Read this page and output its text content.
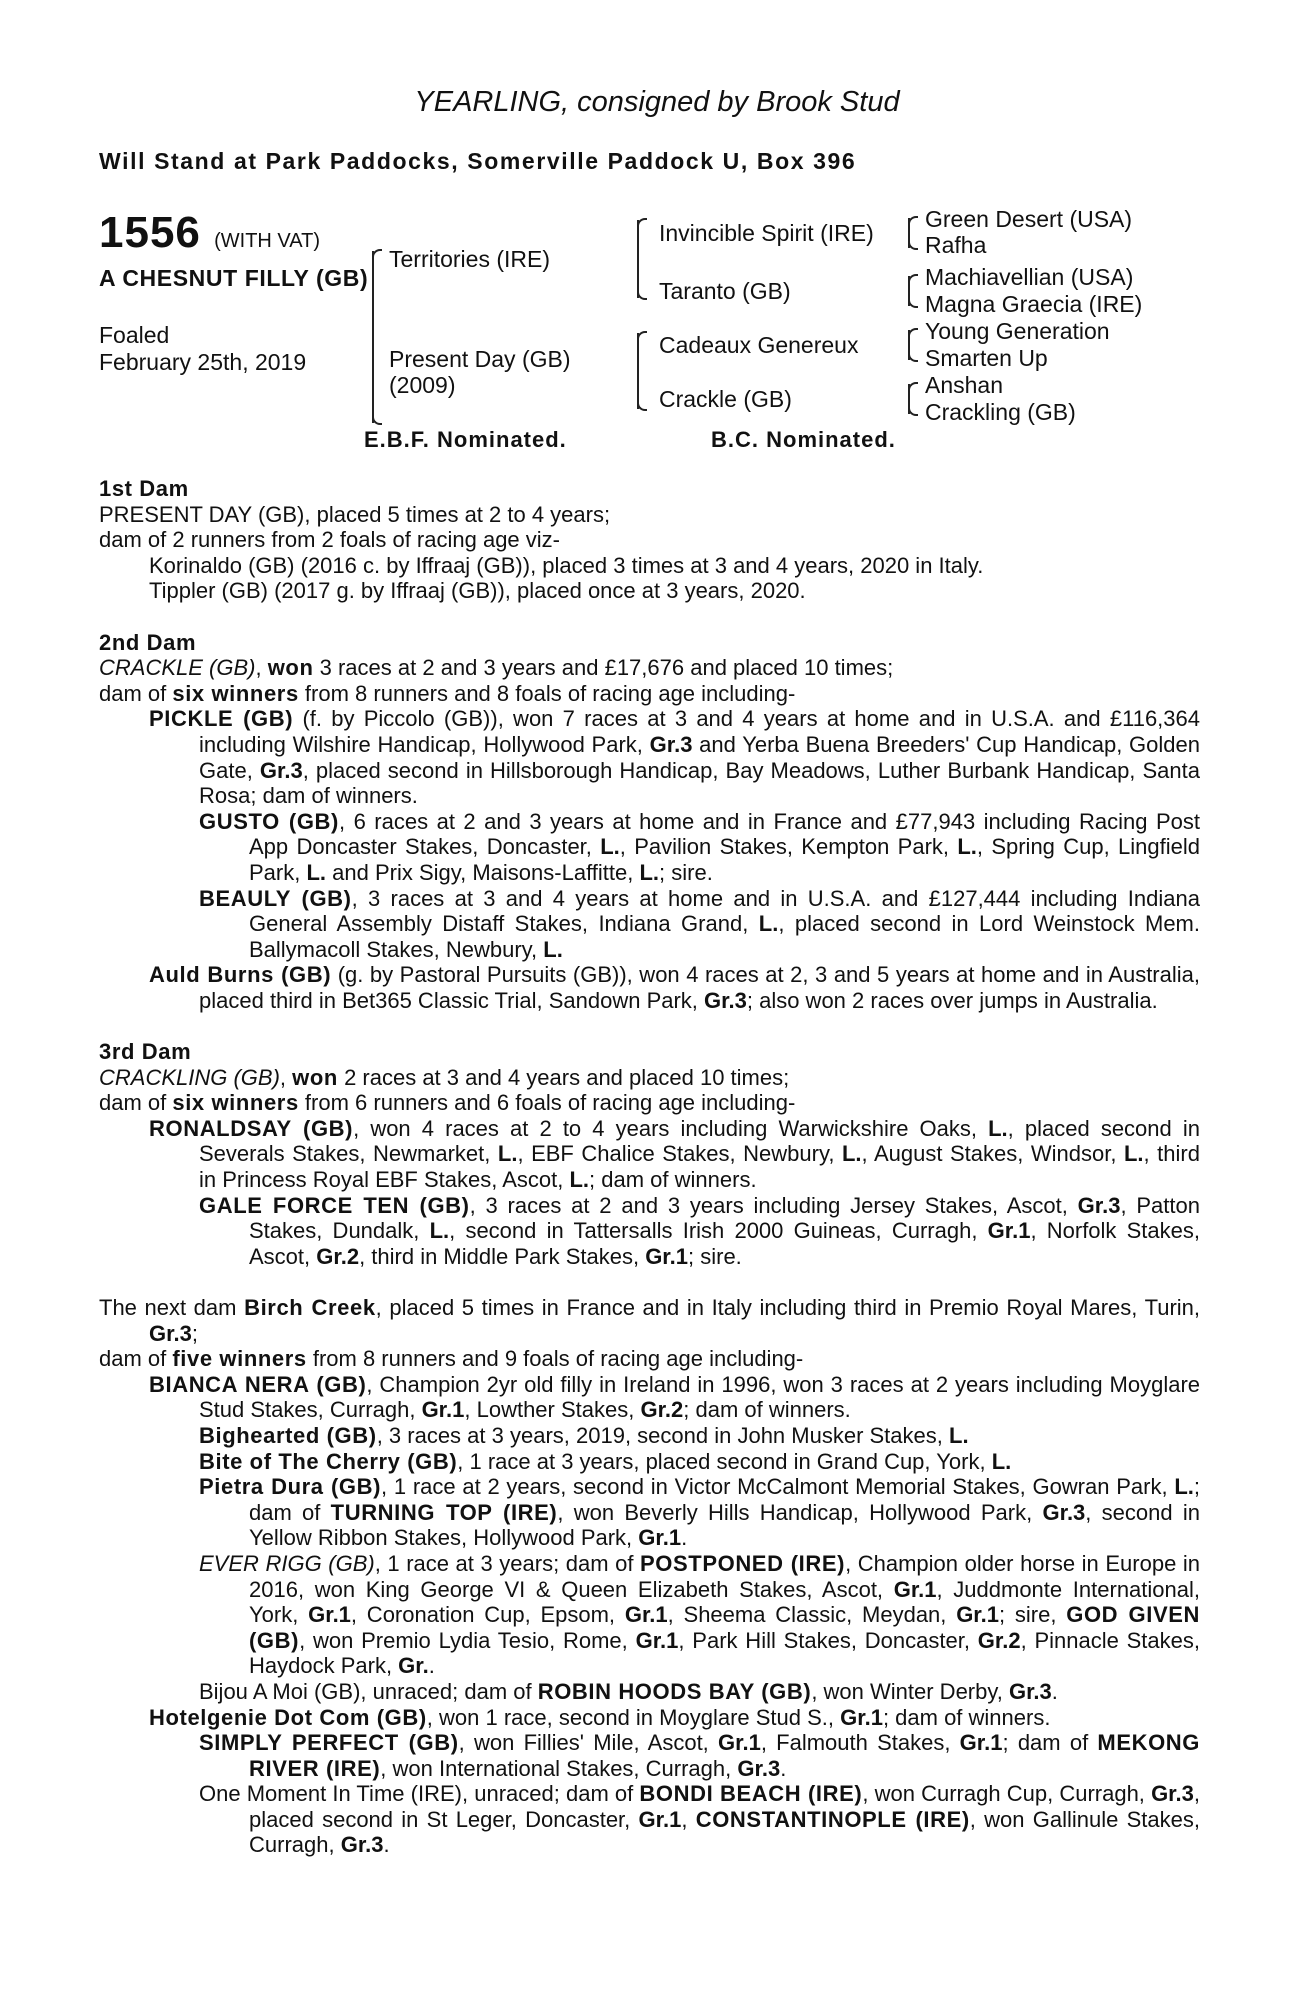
YEARLING, consigned by Brook Stud
Will Stand at Park Paddocks, Somerville Paddock U, Box 396
1556 (WITH VAT)
A CHESNUT FILLY (GB)
Foaled
February 25th, 2019
Territories (IRE)
Present Day (GB)
(2009)
Invincible Spirit (IRE)
Taranto (GB)
Cadeaux Genereux
Crackle (GB)
Green Desert (USA)
Rafha
Machiavellian (USA)
Magna Graecia (IRE)
Young Generation
Smarten Up
Anshan
Crackling (GB)
E.B.F. Nominated.	B.C. Nominated.
1st Dam
PRESENT DAY (GB), placed 5 times at 2 to 4 years;
dam of 2 runners from 2 foals of racing age viz-
Korinaldo (GB) (2016 c. by Iffraaj (GB)), placed 3 times at 3 and 4 years, 2020 in Italy.
Tippler (GB) (2017 g. by Iffraaj (GB)), placed once at 3 years, 2020.
2nd Dam
CRACKLE (GB), won 3 races at 2 and 3 years and £17,676 and placed 10 times;
dam of six winners from 8 runners and 8 foals of racing age including-
PICKLE (GB) (f. by Piccolo (GB)), won 7 races at 3 and 4 years at home and in U.S.A. and £116,364 including Wilshire Handicap, Hollywood Park, Gr.3 and Yerba Buena Breeders' Cup Handicap, Golden Gate, Gr.3, placed second in Hillsborough Handicap, Bay Meadows, Luther Burbank Handicap, Santa Rosa; dam of winners.
GUSTO (GB), 6 races at 2 and 3 years at home and in France and £77,943 including Racing Post App Doncaster Stakes, Doncaster, L., Pavilion Stakes, Kempton Park, L., Spring Cup, Lingfield Park, L. and Prix Sigy, Maisons-Laffitte, L.; sire.
BEAULY (GB), 3 races at 3 and 4 years at home and in U.S.A. and £127,444 including Indiana General Assembly Distaff Stakes, Indiana Grand, L., placed second in Lord Weinstock Mem. Ballymacoll Stakes, Newbury, L.
Auld Burns (GB) (g. by Pastoral Pursuits (GB)), won 4 races at 2, 3 and 5 years at home and in Australia, placed third in Bet365 Classic Trial, Sandown Park, Gr.3; also won 2 races over jumps in Australia.
3rd Dam
CRACKLING (GB), won 2 races at 3 and 4 years and placed 10 times;
dam of six winners from 6 runners and 6 foals of racing age including-
RONALDSAY (GB), won 4 races at 2 to 4 years including Warwickshire Oaks, L., placed second in Severals Stakes, Newmarket, L., EBF Chalice Stakes, Newbury, L., August Stakes, Windsor, L., third in Princess Royal EBF Stakes, Ascot, L.; dam of winners.
GALE FORCE TEN (GB), 3 races at 2 and 3 years including Jersey Stakes, Ascot, Gr.3, Patton Stakes, Dundalk, L., second in Tattersalls Irish 2000 Guineas, Curragh, Gr.1, Norfolk Stakes, Ascot, Gr.2, third in Middle Park Stakes, Gr.1; sire.
The next dam Birch Creek, placed 5 times in France and in Italy including third in Premio Royal Mares, Turin, Gr.3;
dam of five winners from 8 runners and 9 foals of racing age including-
BIANCA NERA (GB), Champion 2yr old filly in Ireland in 1996, won 3 races at 2 years including Moyglare Stud Stakes, Curragh, Gr.1, Lowther Stakes, Gr.2; dam of winners.
Bighearted (GB), 3 races at 3 years, 2019, second in John Musker Stakes, L.
Bite of The Cherry (GB), 1 race at 3 years, placed second in Grand Cup, York, L.
Pietra Dura (GB), 1 race at 2 years, second in Victor McCalmont Memorial Stakes, Gowran Park, L.; dam of TURNING TOP (IRE), won Beverly Hills Handicap, Hollywood Park, Gr.3, second in Yellow Ribbon Stakes, Hollywood Park, Gr.1.
EVER RIGG (GB), 1 race at 3 years; dam of POSTPONED (IRE), Champion older horse in Europe in 2016, won King George VI & Queen Elizabeth Stakes, Ascot, Gr.1, Juddmonte International, York, Gr.1, Coronation Cup, Epsom, Gr.1, Sheema Classic, Meydan, Gr.1; sire, GOD GIVEN (GB), won Premio Lydia Tesio, Rome, Gr.1, Park Hill Stakes, Doncaster, Gr.2, Pinnacle Stakes, Haydock Park, Gr..
Bijou A Moi (GB), unraced; dam of ROBIN HOODS BAY (GB), won Winter Derby, Gr.3.
Hotelgenie Dot Com (GB), won 1 race, second in Moyglare Stud S., Gr.1; dam of winners.
SIMPLY PERFECT (GB), won Fillies' Mile, Ascot, Gr.1, Falmouth Stakes, Gr.1; dam of MEKONG RIVER (IRE), won International Stakes, Curragh, Gr.3.
One Moment In Time (IRE), unraced; dam of BONDI BEACH (IRE), won Curragh Cup, Curragh, Gr.3, placed second in St Leger, Doncaster, Gr.1, CONSTANTINOPLE (IRE), won Gallinule Stakes, Curragh, Gr.3.
